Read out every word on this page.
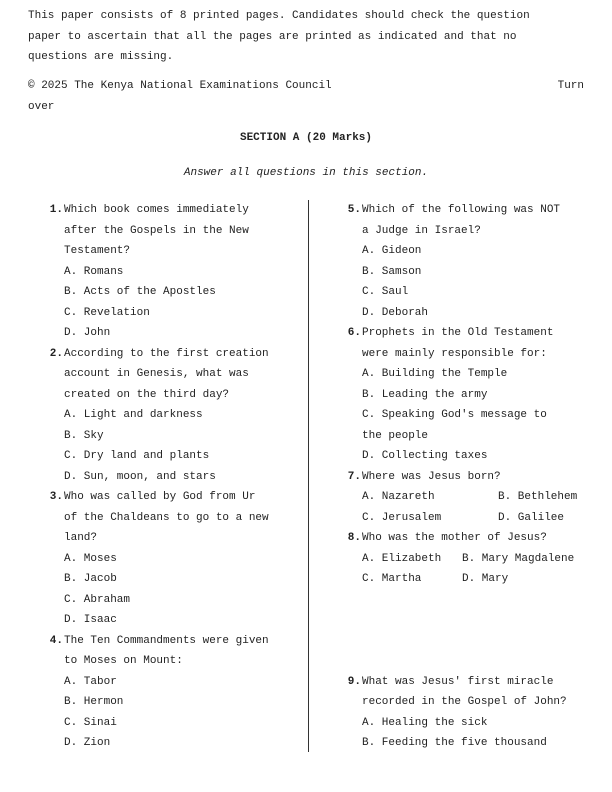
This paper consists of 8 printed pages. Candidates should check the question
paper to ascertain that all the pages are printed as indicated and that no
questions are missing.
© 2025 The Kenya National Examinations Council	Turn
over
SECTION A (20 Marks)
Answer all questions in this section.
1.Which book comes immediately
after the Gospels in the New
Testament?
A. Romans
B. Acts of the Apostles
C. Revelation
D. John
2.According to the first creation
account in Genesis, what was
created on the third day?
A. Light and darkness
B. Sky
C. Dry land and plants
D. Sun, moon, and stars
3.Who was called by God from Ur
of the Chaldeans to go to a new
land?
A. Moses
B. Jacob
C. Abraham
D. Isaac
4.The Ten Commandments were given
to Moses on Mount:
A. Tabor
B. Hermon
C. Sinai
D. Zion
5.Which of the following was NOT
a Judge in Israel?
A. Gideon
B. Samson
C. Saul
D. Deborah
6.Prophets in the Old Testament
were mainly responsible for:
A. Building the Temple
B. Leading the army
C. Speaking God's message to
the people
D. Collecting taxes
7.Where was Jesus born?
A. Nazareth	B. Bethlehem
C. Jerusalem	D. Galilee
8.Who was the mother of Jesus?
A. Elizabeth B. Mary Magdalene
C. Martha	D. Mary
9.What was Jesus' first miracle
recorded in the Gospel of John?
A. Healing the sick
B. Feeding the five thousand
